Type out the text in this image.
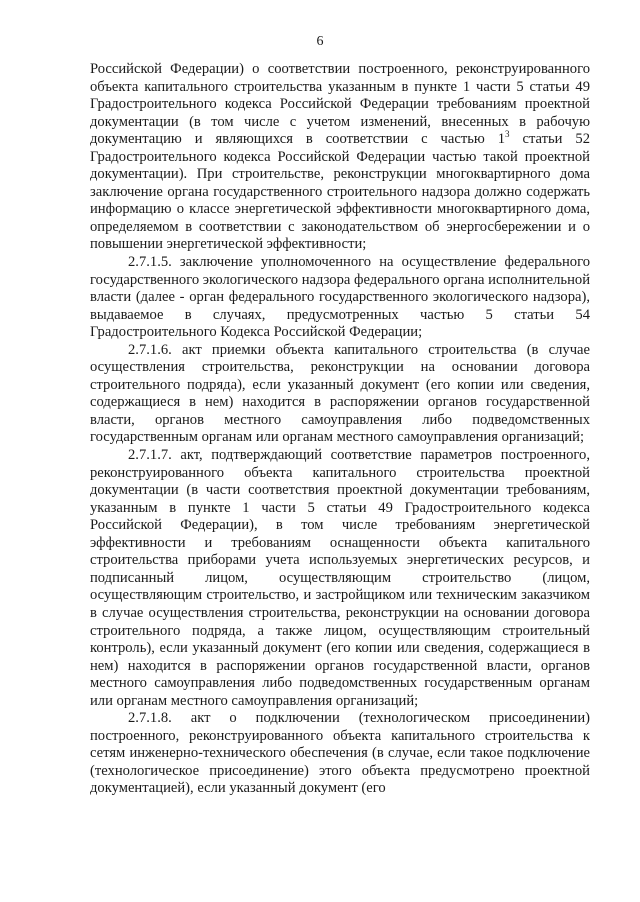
6

Российской Федерации) о соответствии построенного, реконструированного объекта капитального строительства указанным в пункте 1 части 5 статьи 49 Градостроительного кодекса Российской Федерации требованиям проектной документации (в том числе с учетом изменений, внесенных в рабочую документацию и являющихся в соответствии с частью $1^3$ статьи 52 Градостроительного кодекса Российской Федерации частью такой проектной документации). При строительстве, реконструкции многоквартирного дома заключение органа государственного строительного надзора должно содержать информацию о классе энергетической эффективности многоквартирного дома, определяемом в соответствии с законодательством об энергосбережении и о повышении энергетической эффективности;

2.7.1.5. заключение уполномоченного на осуществление федерального государственного экологического надзора федерального органа исполнительной власти (далее - орган федерального государственного экологического надзора), выдаваемое в случаях, предусмотренных частью 5 статьи 54 Градостроительного Кодекса Российской Федерации;

2.7.1.6. акт приемки объекта капитального строительства (в случае осуществления строительства, реконструкции на основании договора строительного подряда), если указанный документ (его копии или сведения, содержащиеся в нем) находится в распоряжении органов государственной власти, органов местного самоуправления либо подведомственных государственным органам или органам местного самоуправления организаций;

2.7.1.7. акт, подтверждающий соответствие параметров построенного, реконструированного объекта капитального строительства проектной документации (в части соответствия проектной документации требованиям, указанным в пункте 1 части 5 статьи 49 Градостроительного кодекса Российской Федерации), в том числе требованиям энергетической эффективности и требованиям оснащенности объекта капитального строительства приборами учета используемых энергетических ресурсов, и подписанный лицом, осуществляющим строительство (лицом, осуществляющим строительство, и застройщиком или техническим заказчиком в случае осуществления строительства, реконструкции на основании договора строительного подряда, а также лицом, осуществляющим строительный контроль), если указанный документ (его копии или сведения, содержащиеся в нем) находится в распоряжении органов государственной власти, органов местного самоуправления либо подведомственных государственным органам или органам местного самоуправления организаций;

2.7.1.8. акт о подключении (технологическом присоединении) построенного, реконструированного объекта капитального строительства к сетям инженерно-технического обеспечения (в случае, если такое подключение (технологическое присоединение) этого объекта предусмотрено проектной документацией), если указанный документ (его
